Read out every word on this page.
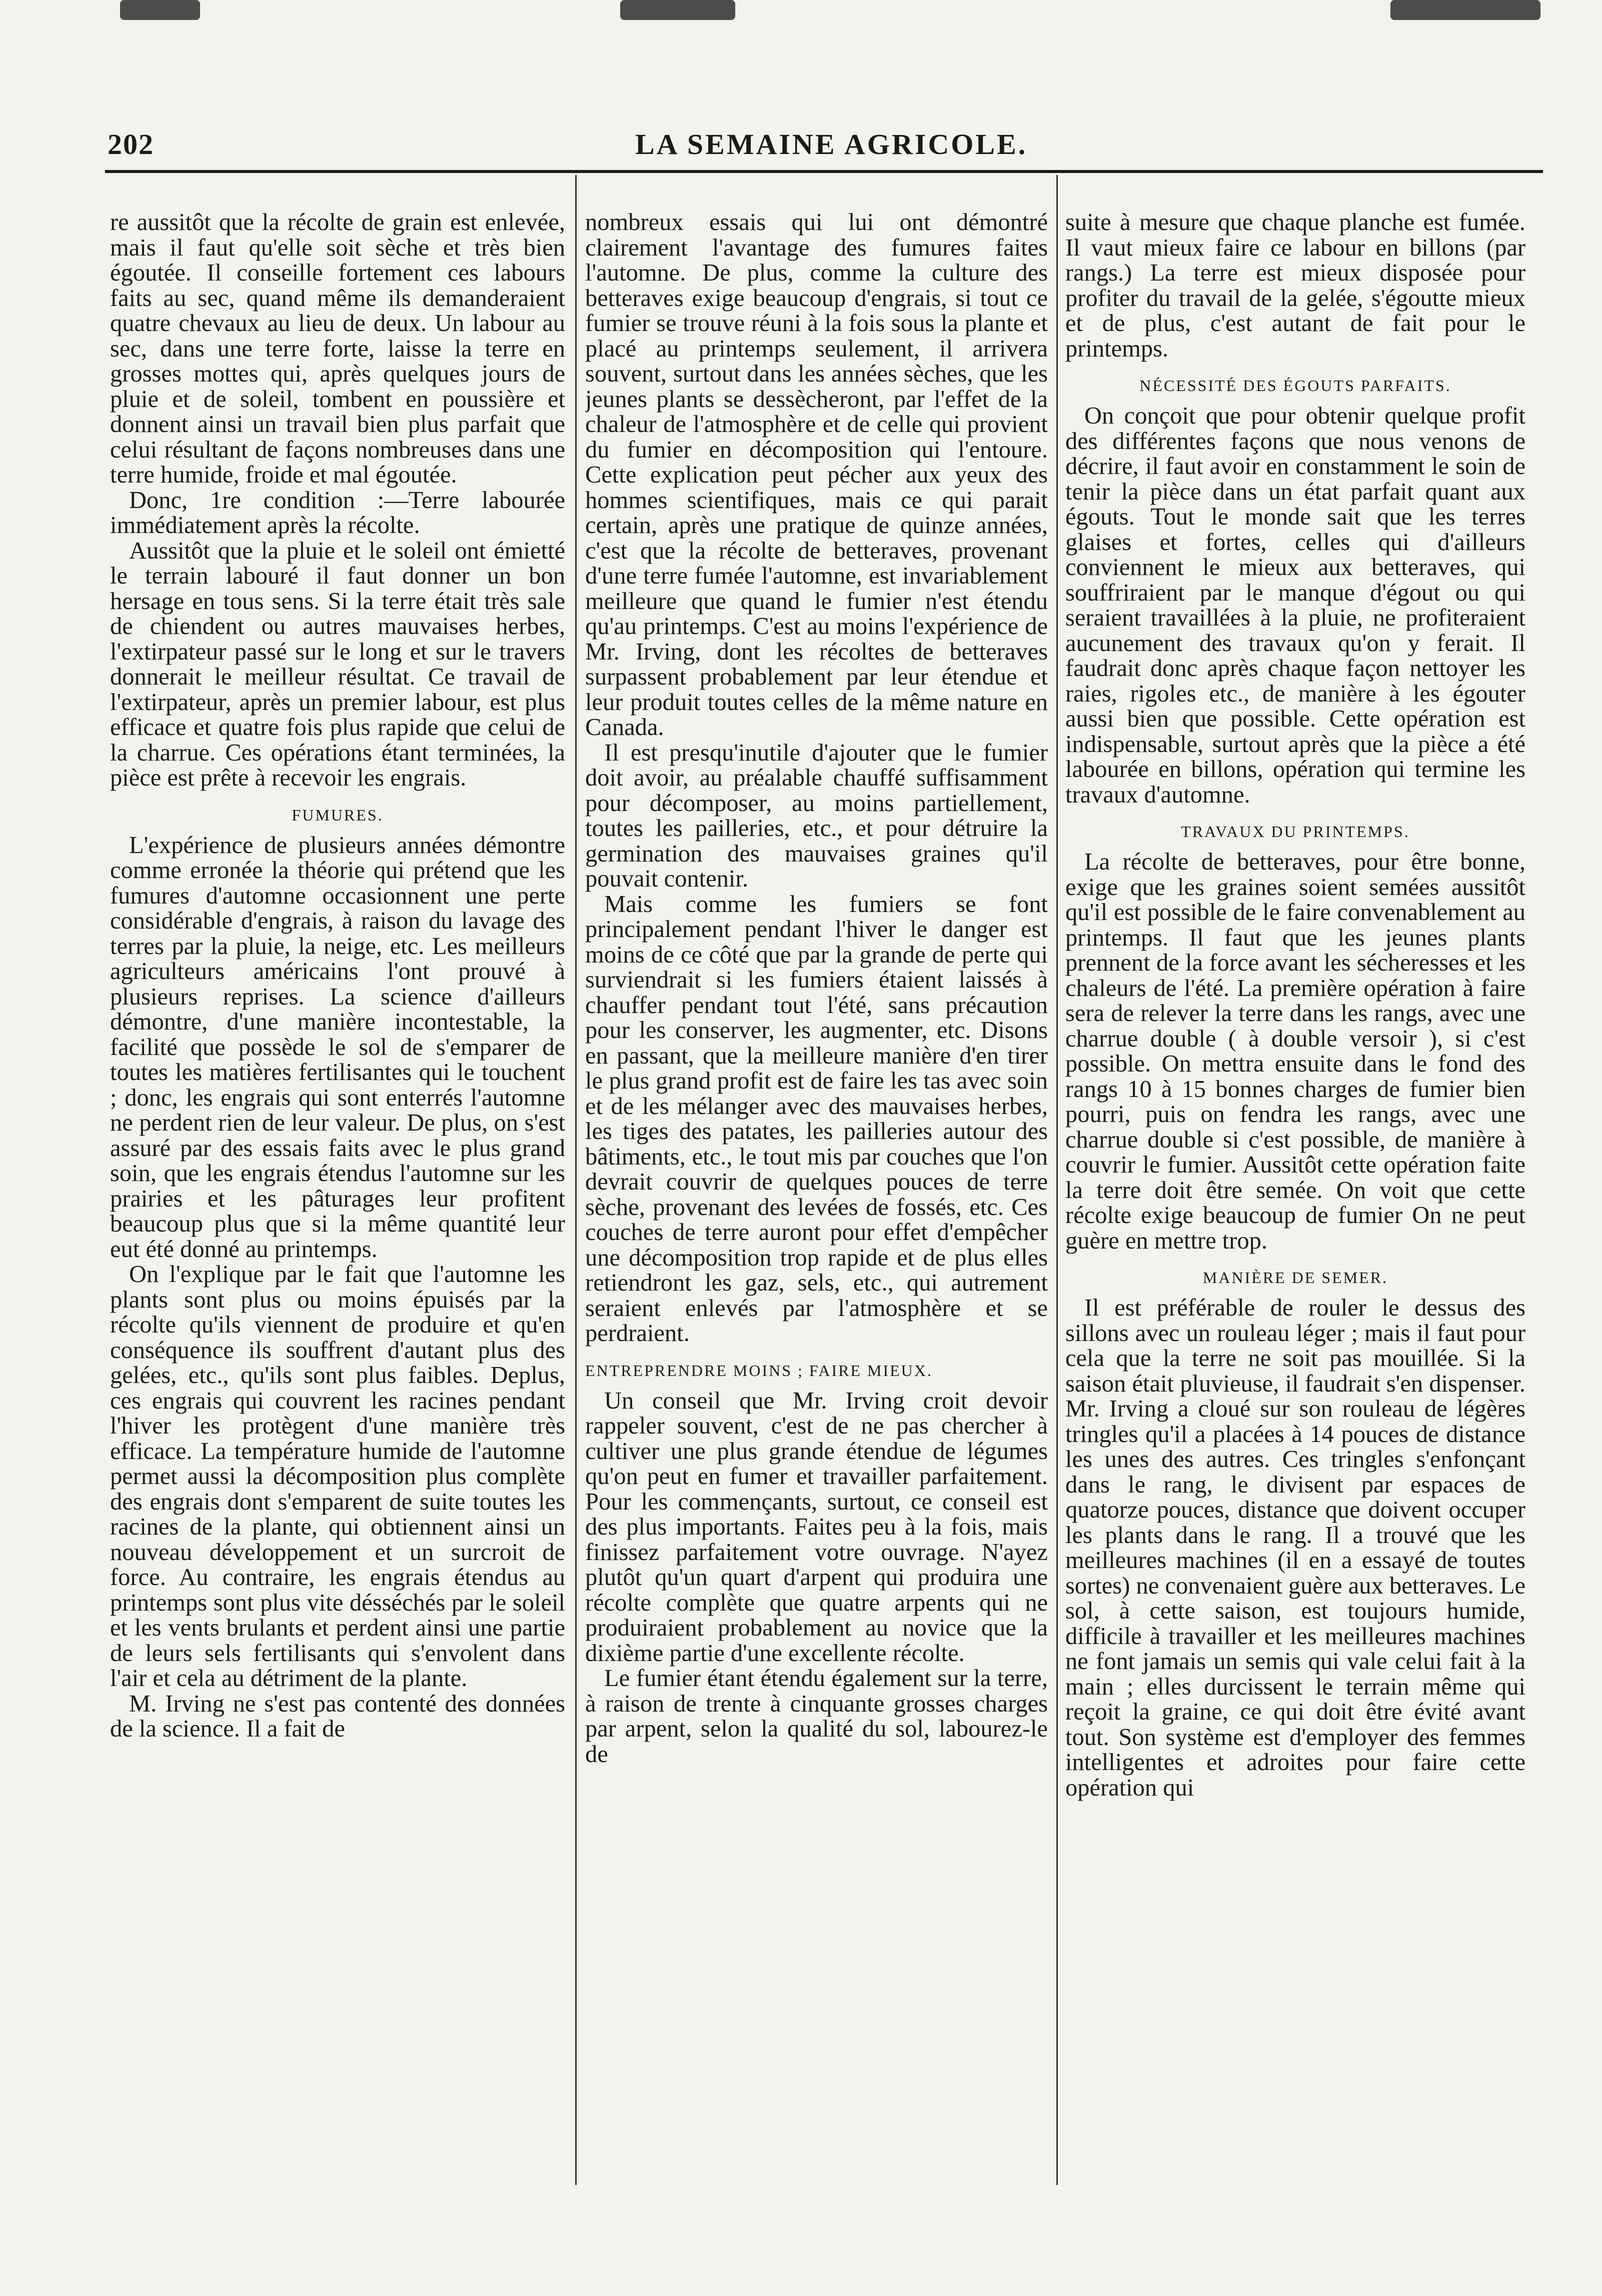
202	LA SEMAINE AGRICOLE.

re aussitôt que la récolte de grain est enlevée, mais il faut qu'elle soit sèche et très bien égoutée. Il conseille fortement ces labours faits au sec, quand même ils demanderaient quatre chevaux au lieu de deux. Un labour au sec, dans une terre forte, laisse la terre en grosses mottes qui, après quelques jours de pluie et de soleil, tombent en poussière et donnent ainsi un travail bien plus parfait que celui résultant de façons nombreuses dans une terre humide, froide et mal égoutée.

Donc, 1re condition :—Terre labourée immédiatement après la récolte.

Aussitôt que la pluie et le soleil ont émietté le terrain labouré il faut donner un bon hersage en tous sens. Si la terre était très sale de chiendent ou autres mauvaises herbes, l'extirpateur passé sur le long et sur le travers donnerait le meilleur résultat. Ce travail de l'extirpateur, après un premier labour, est plus efficace et quatre fois plus rapide que celui de la charrue. Ces opérations étant terminées, la pièce est prête à recevoir les engrais.

FUMURES.

L'expérience de plusieurs années démontre comme erronée la théorie qui prétend que les fumures d'automne occasionnent une perte considérable d'engrais, à raison du lavage des terres par la pluie, la neige, etc. Les meilleurs agriculteurs américains l'ont prouvé à plusieurs reprises. La science d'ailleurs démontre, d'une manière incontestable, la facilité que possède le sol de s'emparer de toutes les matières fertilisantes qui le touchent ; donc, les engrais qui sont enterrés l'automne ne perdent rien de leur valeur. De plus, on s'est assuré par des essais faits avec le plus grand soin, que les engrais étendus l'automne sur les prairies et les pâturages leur profitent beaucoup plus que si la même quantité leur eut été donné au printemps.

On l'explique par le fait que l'automne les plants sont plus ou moins épuisés par la récolte qu'ils viennent de produire et qu'en conséquence ils souffrent d'autant plus des gelées, etc., qu'ils sont plus faibles. Deplus, ces engrais qui couvrent les racines pendant l'hiver les protègent d'une manière très efficace. La température humide de l'automne permet aussi la décomposition plus complète des engrais dont s'emparent de suite toutes les racines de la plante, qui obtiennent ainsi un nouveau développement et un surcroit de force. Au contraire, les engrais étendus au printemps sont plus vite désséchés par le soleil et les vents brulants et perdent ainsi une partie de leurs sels fertilisants qui s'envolent dans l'air et cela au détriment de la plante.

M. Irving ne s'est pas contenté des données de la science. Il a fait de

nombreux essais qui lui ont démontré clairement l'avantage des fumures faites l'automne. De plus, comme la culture des betteraves exige beaucoup d'engrais, si tout ce fumier se trouve réuni à la fois sous la plante et placé au printemps seulement, il arrivera souvent, surtout dans les années sèches, que les jeunes plants se dessècheront, par l'effet de la chaleur de l'atmosphère et de celle qui provient du fumier en décomposition qui l'entoure. Cette explication peut pécher aux yeux des hommes scientifiques, mais ce qui parait certain, après une pratique de quinze années, c'est que la récolte de betteraves, provenant d'une terre fumée l'automne, est invariablement meilleure que quand le fumier n'est étendu qu'au printemps. C'est au moins l'expérience de Mr. Irving, dont les récoltes de betteraves surpassent probablement par leur étendue et leur produit toutes celles de la même nature en Canada.

Il est presqu'inutile d'ajouter que le fumier doit avoir, au préalable chauffé suffisamment pour décomposer, au moins partiellement, toutes les pailleries, etc., et pour détruire la germination des mauvaises graines qu'il pouvait contenir.

Mais comme les fumiers se font principalement pendant l'hiver le danger est moins de ce côté que par la grande de perte qui surviendrait si les fumiers étaient laissés à chauffer pendant tout l'été, sans précaution pour les conserver, les augmenter, etc. Disons en passant, que la meilleure manière d'en tirer le plus grand profit est de faire les tas avec soin et de les mélanger avec des mauvaises herbes, les tiges des patates, les pailleries autour des bâtiments, etc., le tout mis par couches que l'on devrait couvrir de quelques pouces de terre sèche, provenant des levées de fossés, etc. Ces couches de terre auront pour effet d'empêcher une décomposition trop rapide et de plus elles retiendront les gaz, sels, etc., qui autrement seraient enlevés par l'atmosphère et se perdraient.

ENTREPRENDRE MOINS ; FAIRE MIEUX.

Un conseil que Mr. Irving croit devoir rappeler souvent, c'est de ne pas chercher à cultiver une plus grande étendue de légumes qu'on peut en fumer et travailler parfaitement. Pour les commençants, surtout, ce conseil est des plus importants. Faites peu à la fois, mais finissez parfaitement votre ouvrage. N'ayez plutôt qu'un quart d'arpent qui produira une récolte complète que quatre arpents qui ne produiraient probablement au novice que la dixième partie d'une excellente récolte.

Le fumier étant étendu également sur la terre, à raison de trente à cinquante grosses charges par arpent, selon la qualité du sol, labourez-le de

suite à mesure que chaque planche est fumée. Il vaut mieux faire ce labour en billons (par rangs.) La terre est mieux disposée pour profiter du travail de la gelée, s'égoutte mieux et de plus, c'est autant de fait pour le printemps.

NÉCESSITÉ DES ÉGOUTS PARFAITS.

On conçoit que pour obtenir quelque profit des différentes façons que nous venons de décrire, il faut avoir en constamment le soin de tenir la pièce dans un état parfait quant aux égouts. Tout le monde sait que les terres glaises et fortes, celles qui d'ailleurs conviennent le mieux aux betteraves, qui souffriraient par le manque d'égout ou qui seraient travaillées à la pluie, ne profiteraient aucunement des travaux qu'on y ferait. Il faudrait donc après chaque façon nettoyer les raies, rigoles etc., de manière à les égouter aussi bien que possible. Cette opération est indispensable, surtout après que la pièce a été labourée en billons, opération qui termine les travaux d'automne.

TRAVAUX DU PRINTEMPS.

La récolte de betteraves, pour être bonne, exige que les graines soient semées aussitôt qu'il est possible de le faire convenablement au printemps. Il faut que les jeunes plants prennent de la force avant les sécheresses et les chaleurs de l'été. La première opération à faire sera de relever la terre dans les rangs, avec une charrue double ( à double versoir ), si c'est possible. On mettra ensuite dans le fond des rangs 10 à 15 bonnes charges de fumier bien pourri, puis on fendra les rangs, avec une charrue double si c'est possible, de manière à couvrir le fumier. Aussitôt cette opération faite la terre doit être semée. On voit que cette récolte exige beaucoup de fumier On ne peut guère en mettre trop.

MANIÈRE DE SEMER.

Il est préférable de rouler le dessus des sillons avec un rouleau léger ; mais il faut pour cela que la terre ne soit pas mouillée. Si la saison était pluvieuse, il faudrait s'en dispenser. Mr. Irving a cloué sur son rouleau de légères tringles qu'il a placées à 14 pouces de distance les unes des autres. Ces tringles s'enfonçant dans le rang, le divisent par espaces de quatorze pouces, distance que doivent occuper les plants dans le rang. Il a trouvé que les meilleures machines (il en a essayé de toutes sortes) ne convenaient guère aux betteraves. Le sol, à cette saison, est toujours humide, difficile à travailler et les meilleures machines ne font jamais un semis qui vale celui fait à la main ; elles durcissent le terrain même qui reçoit la graine, ce qui doit être évité avant tout. Son système est d'employer des femmes intelligentes et adroites pour faire cette opération qui
